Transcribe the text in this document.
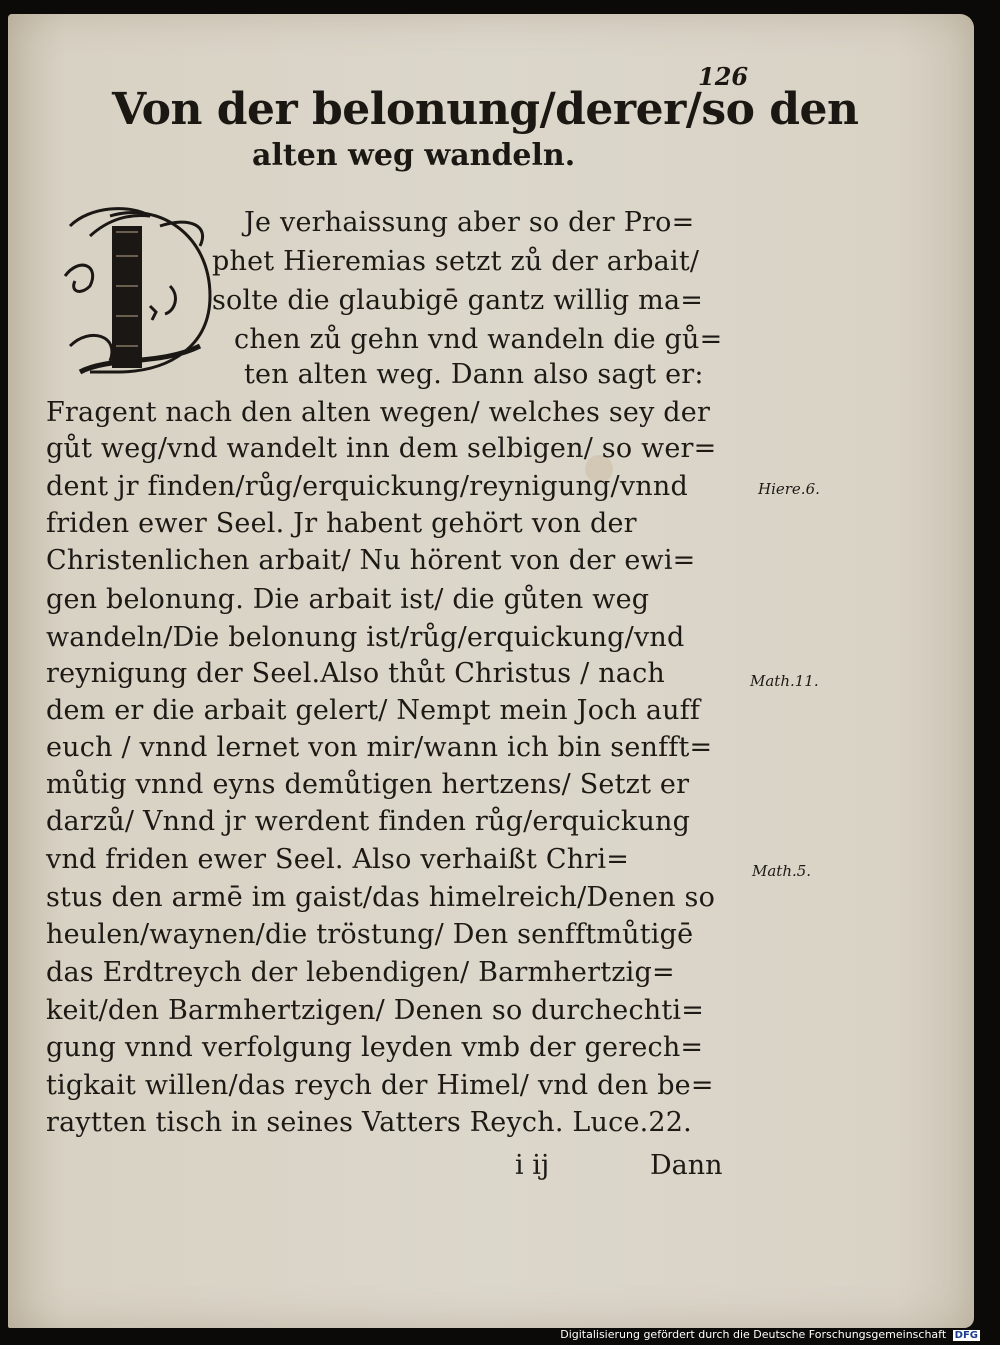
126
Von der belonung/derer/so den
alten weg wandeln.
Je verhaissung aber so der Pro=
phet Hieremias setzt zů der arbait/
solte die glaubigē gantz willig ma=
chen zů gehn vnd wandeln die gů=
ten alten weg. Dann also sagt er:
Fragent nach den alten wegen/ welches sey der
gůt weg/vnd wandelt inn dem selbigen/ so wer=
dent jr finden/růg/erquickung/reynigung/vnnd
friden ewer Seel. Jr habent gehört von der
Christenlichen arbait/ Nu hörent von der ewi=
gen belonung. Die arbait ist/ die gůten weg
wandeln/Die belonung ist/růg/erquickung/vnd
reynigung der Seel.Also thůt Christus / nach
dem er die arbait gelert/ Nempt mein Joch auff
euch / vnnd lernet von mir/wann ich bin senfft=
můtig vnnd eyns demůtigen hertzens/ Setzt er
darzů/ Vnnd jr werdent finden růg/erquickung
vnd friden ewer Seel. Also verhaißt Chri=
stus den armē im gaist/das himelreich/Denen so
heulen/waynen/die tröstung/ Den senfftmůtigē
das Erdtreych der lebendigen/ Barmhertzig=
keit/den Barmhertzigen/ Denen so durchechti=
gung vnnd verfolgung leyden vmb der gerech=
tigkait willen/das reych der Himel/ vnd den be=
raytten tisch in seines Vatters Reych. Luce.22.
Hiere.6.
Math.11.
Math.5.
i ij	Dann
Digitalisierung gefördert durch die Deutsche Forschungsgemeinschaft DFG
